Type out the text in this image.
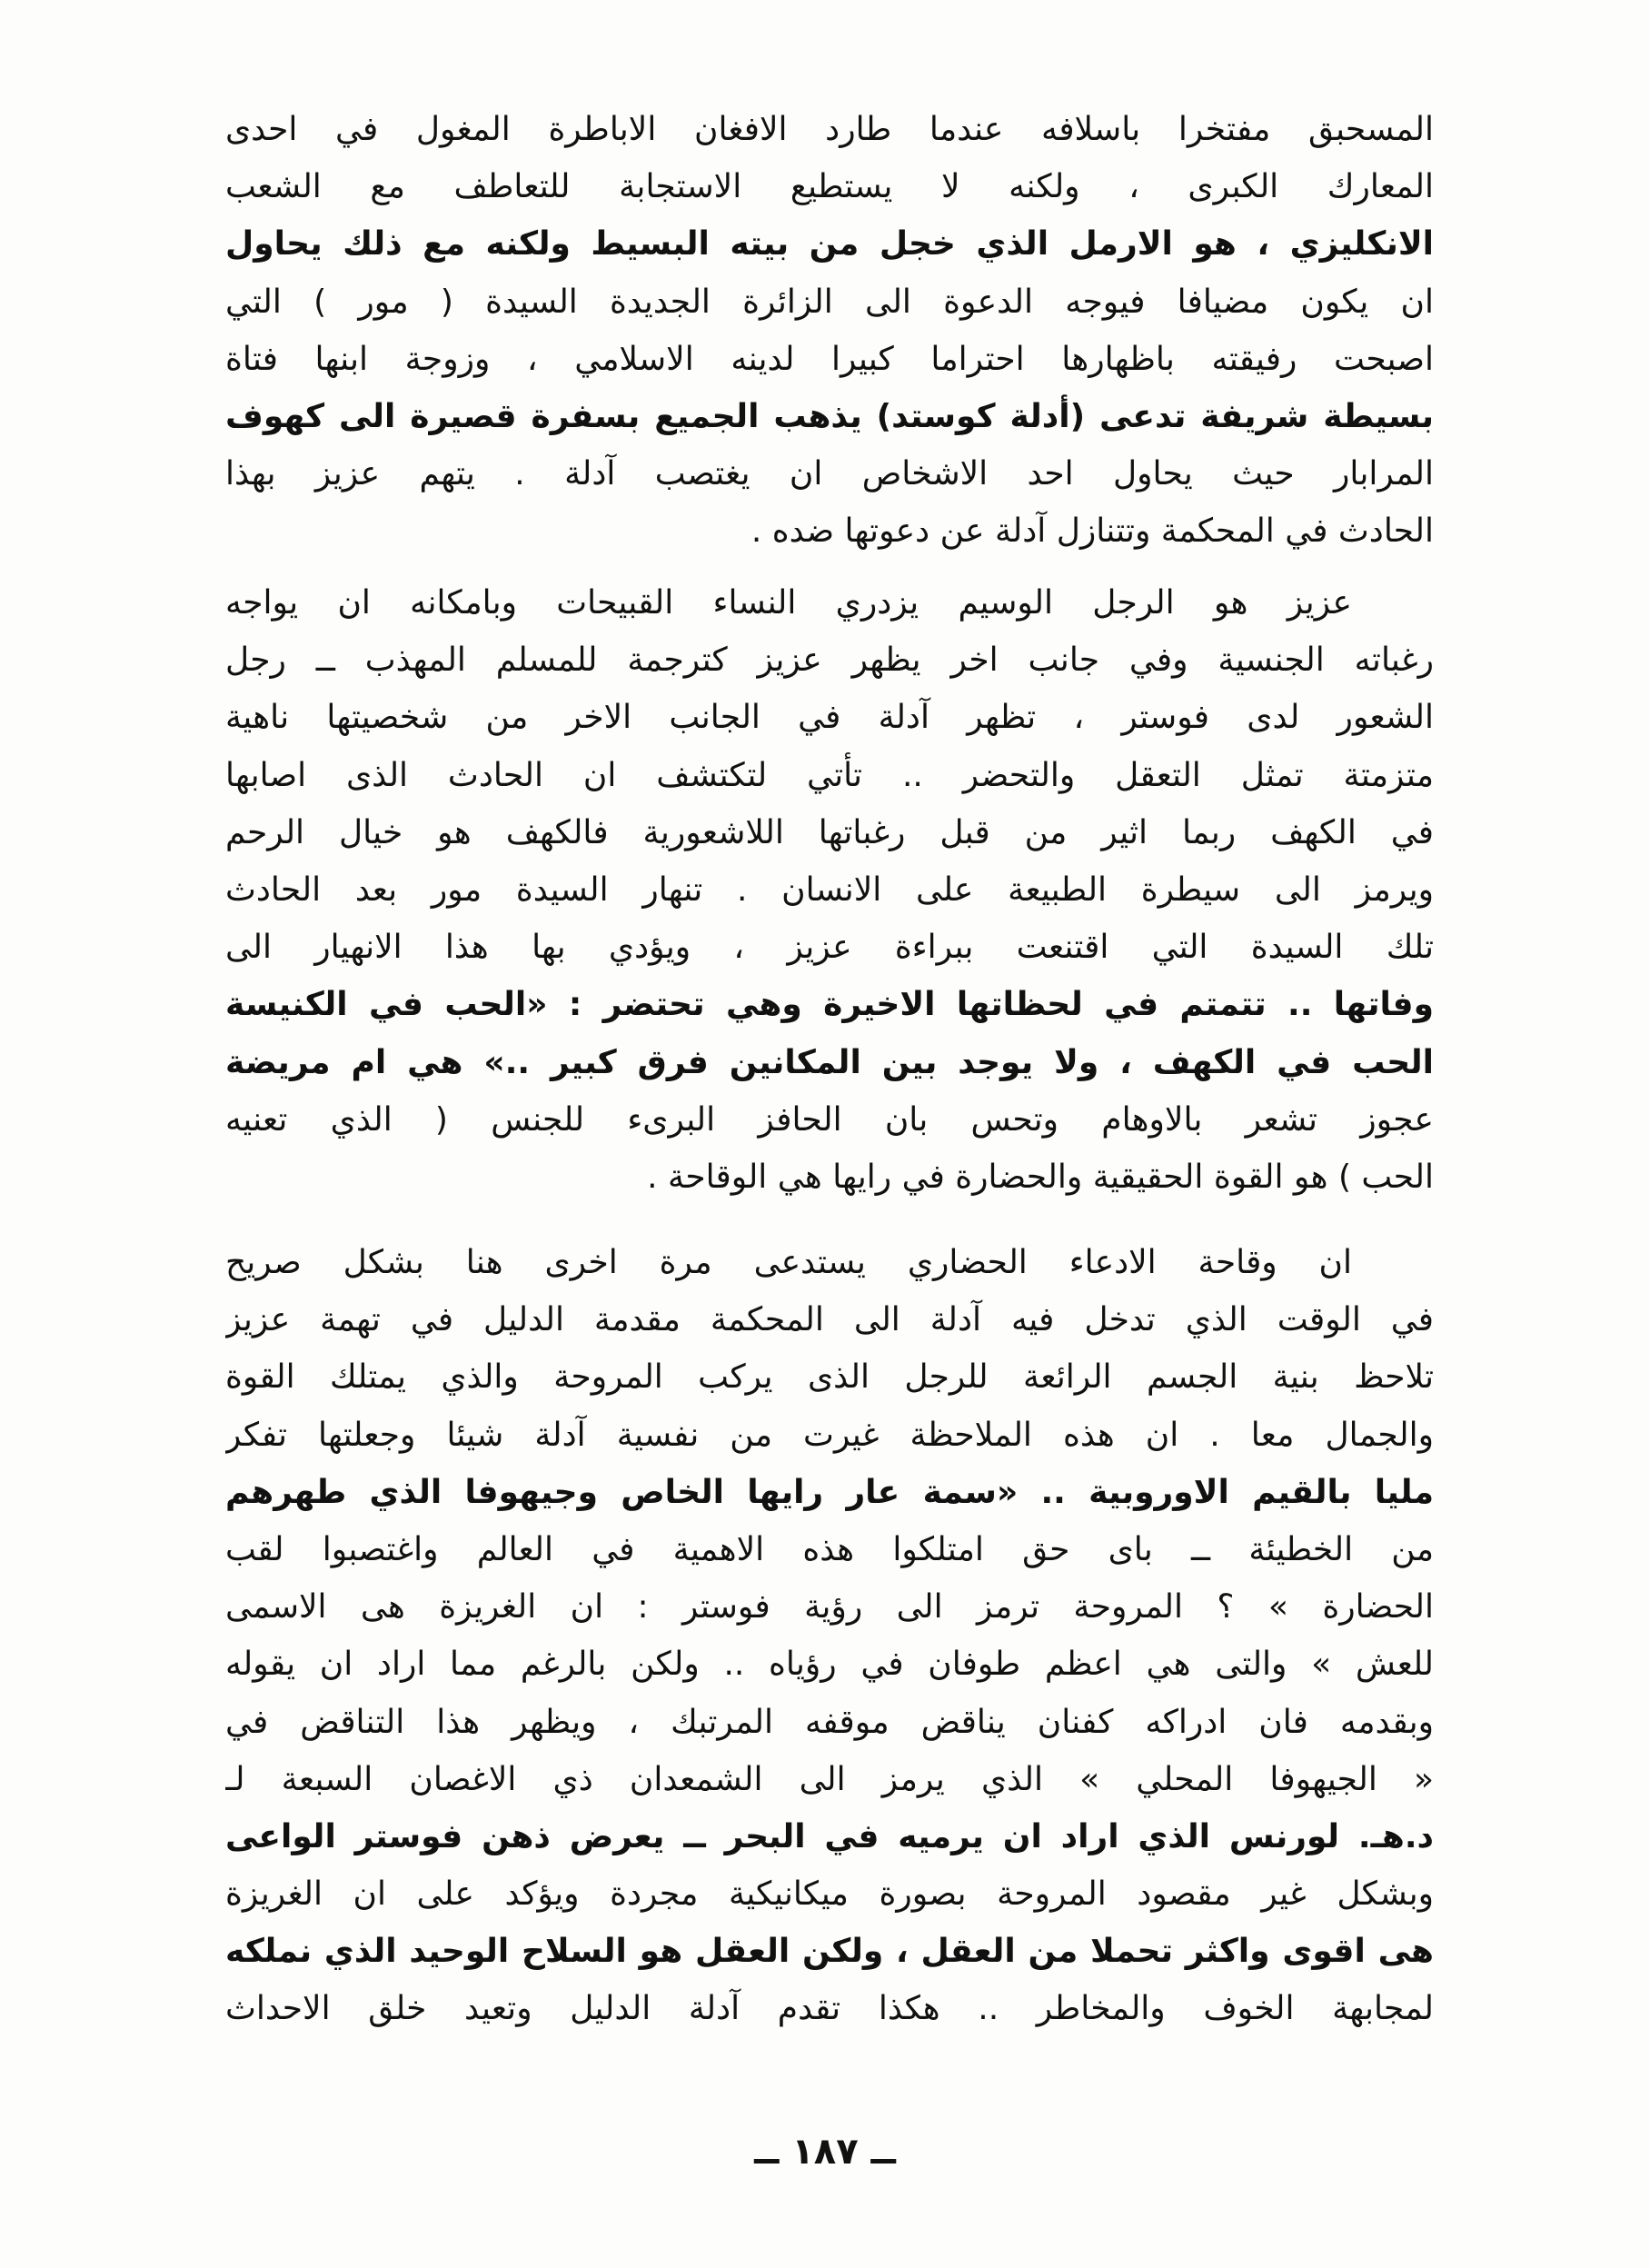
المسحبق مفتخرا باسلافه عندما طارد الافغان الاباطرة المغول في احدى
المعارك الكبرى ، ولكنه لا يستطيع الاستجابة للتعاطف مع الشعب
الانكليزي ، هو الارمل الذي خجل من بيته البسيط ولكنه مع ذلك يحاول
ان يكون مضيافا فيوجه الدعوة الى الزائرة الجديدة السيدة ( مور ) التي
اصبحت رفيقته باظهارها احتراما كبيرا لدينه الاسلامي ، وزوجة ابنها فتاة
بسيطة شريفة تدعى (أدلة كوستد) يذهب الجميع بسفرة قصيرة الى كهوف
المرابار حيث يحاول احد الاشخاص ان يغتصب آدلة . يتهم عزيز بهذا
الحادث في المحكمة وتتنازل آدلة عن دعوتها ضده .
عزيز هو الرجل الوسيم يزدري النساء القبيحات وبامكانه ان يواجه
رغباته الجنسية وفي جانب اخر يظهر عزيز كترجمة للمسلم المهذب ــ رجل
الشعور لدى فوستر ، تظهر آدلة في الجانب الاخر من شخصيتها ناهية
متزمتة تمثل التعقل والتحضر .. تأتي لتكتشف ان الحادث الذى اصابها
في الكهف ربما اثير من قبل رغباتها اللاشعورية فالكهف هو خيال الرحم
ويرمز الى سيطرة الطبيعة على الانسان . تنهار السيدة مور بعد الحادث
تلك السيدة التي اقتنعت ببراءة عزيز ، ويؤدي بها هذا الانهيار الى
وفاتها .. تتمتم في لحظاتها الاخيرة وهي تحتضر : «الحب في الكنيسة
الحب في الكهف ، ولا يوجد بين المكانين فرق كبير ..» هي ام مريضة
عجوز تشعر بالاوهام وتحس بان الحافز البرىء للجنس ( الذي تعنيه
الحب ) هو القوة الحقيقية والحضارة في رايها هي الوقاحة .
ان وقاحة الادعاء الحضاري يستدعى مرة اخرى هنا بشكل صريح
في الوقت الذي تدخل فيه آدلة الى المحكمة مقدمة الدليل في تهمة عزيز
تلاحظ بنية الجسم الرائعة للرجل الذى يركب المروحة والذي يمتلك القوة
والجمال معا . ان هذه الملاحظة غيرت من نفسية آدلة شيئا وجعلتها تفكر
مليا بالقيم الاوروبية .. «سمة عار رايها الخاص وجيهوفا الذي طهرهم
من الخطيئة ــ باى حق امتلكوا هذه الاهمية في العالم واغتصبوا لقب
الحضارة » ؟ المروحة ترمز الى رؤية فوستر : ان الغريزة هى الاسمى
للعش » والتى هي اعظم طوفان في رؤياه .. ولكن بالرغم مما اراد ان يقوله
وبقدمه فان ادراكه كفنان يناقض موقفه المرتبك ، ويظهر هذا التناقض في
« الجيهوفا المحلي » الذي يرمز الى الشمعدان ذي الاغصان السبعة لـ
د.هـ. لورنس الذي اراد ان يرميه في البحر ــ يعرض ذهن فوستر الواعى
وبشكل غير مقصود المروحة بصورة ميكانيكية مجردة ويؤكد على ان الغريزة
هى اقوى واكثر تحملا من العقل ، ولكن العقل هو السلاح الوحيد الذي نملكه
لمجابهة الخوف والمخاطر .. هكذا تقدم آدلة الدليل وتعيد خلق الاحداث
ــ ١٨٧ ــ
